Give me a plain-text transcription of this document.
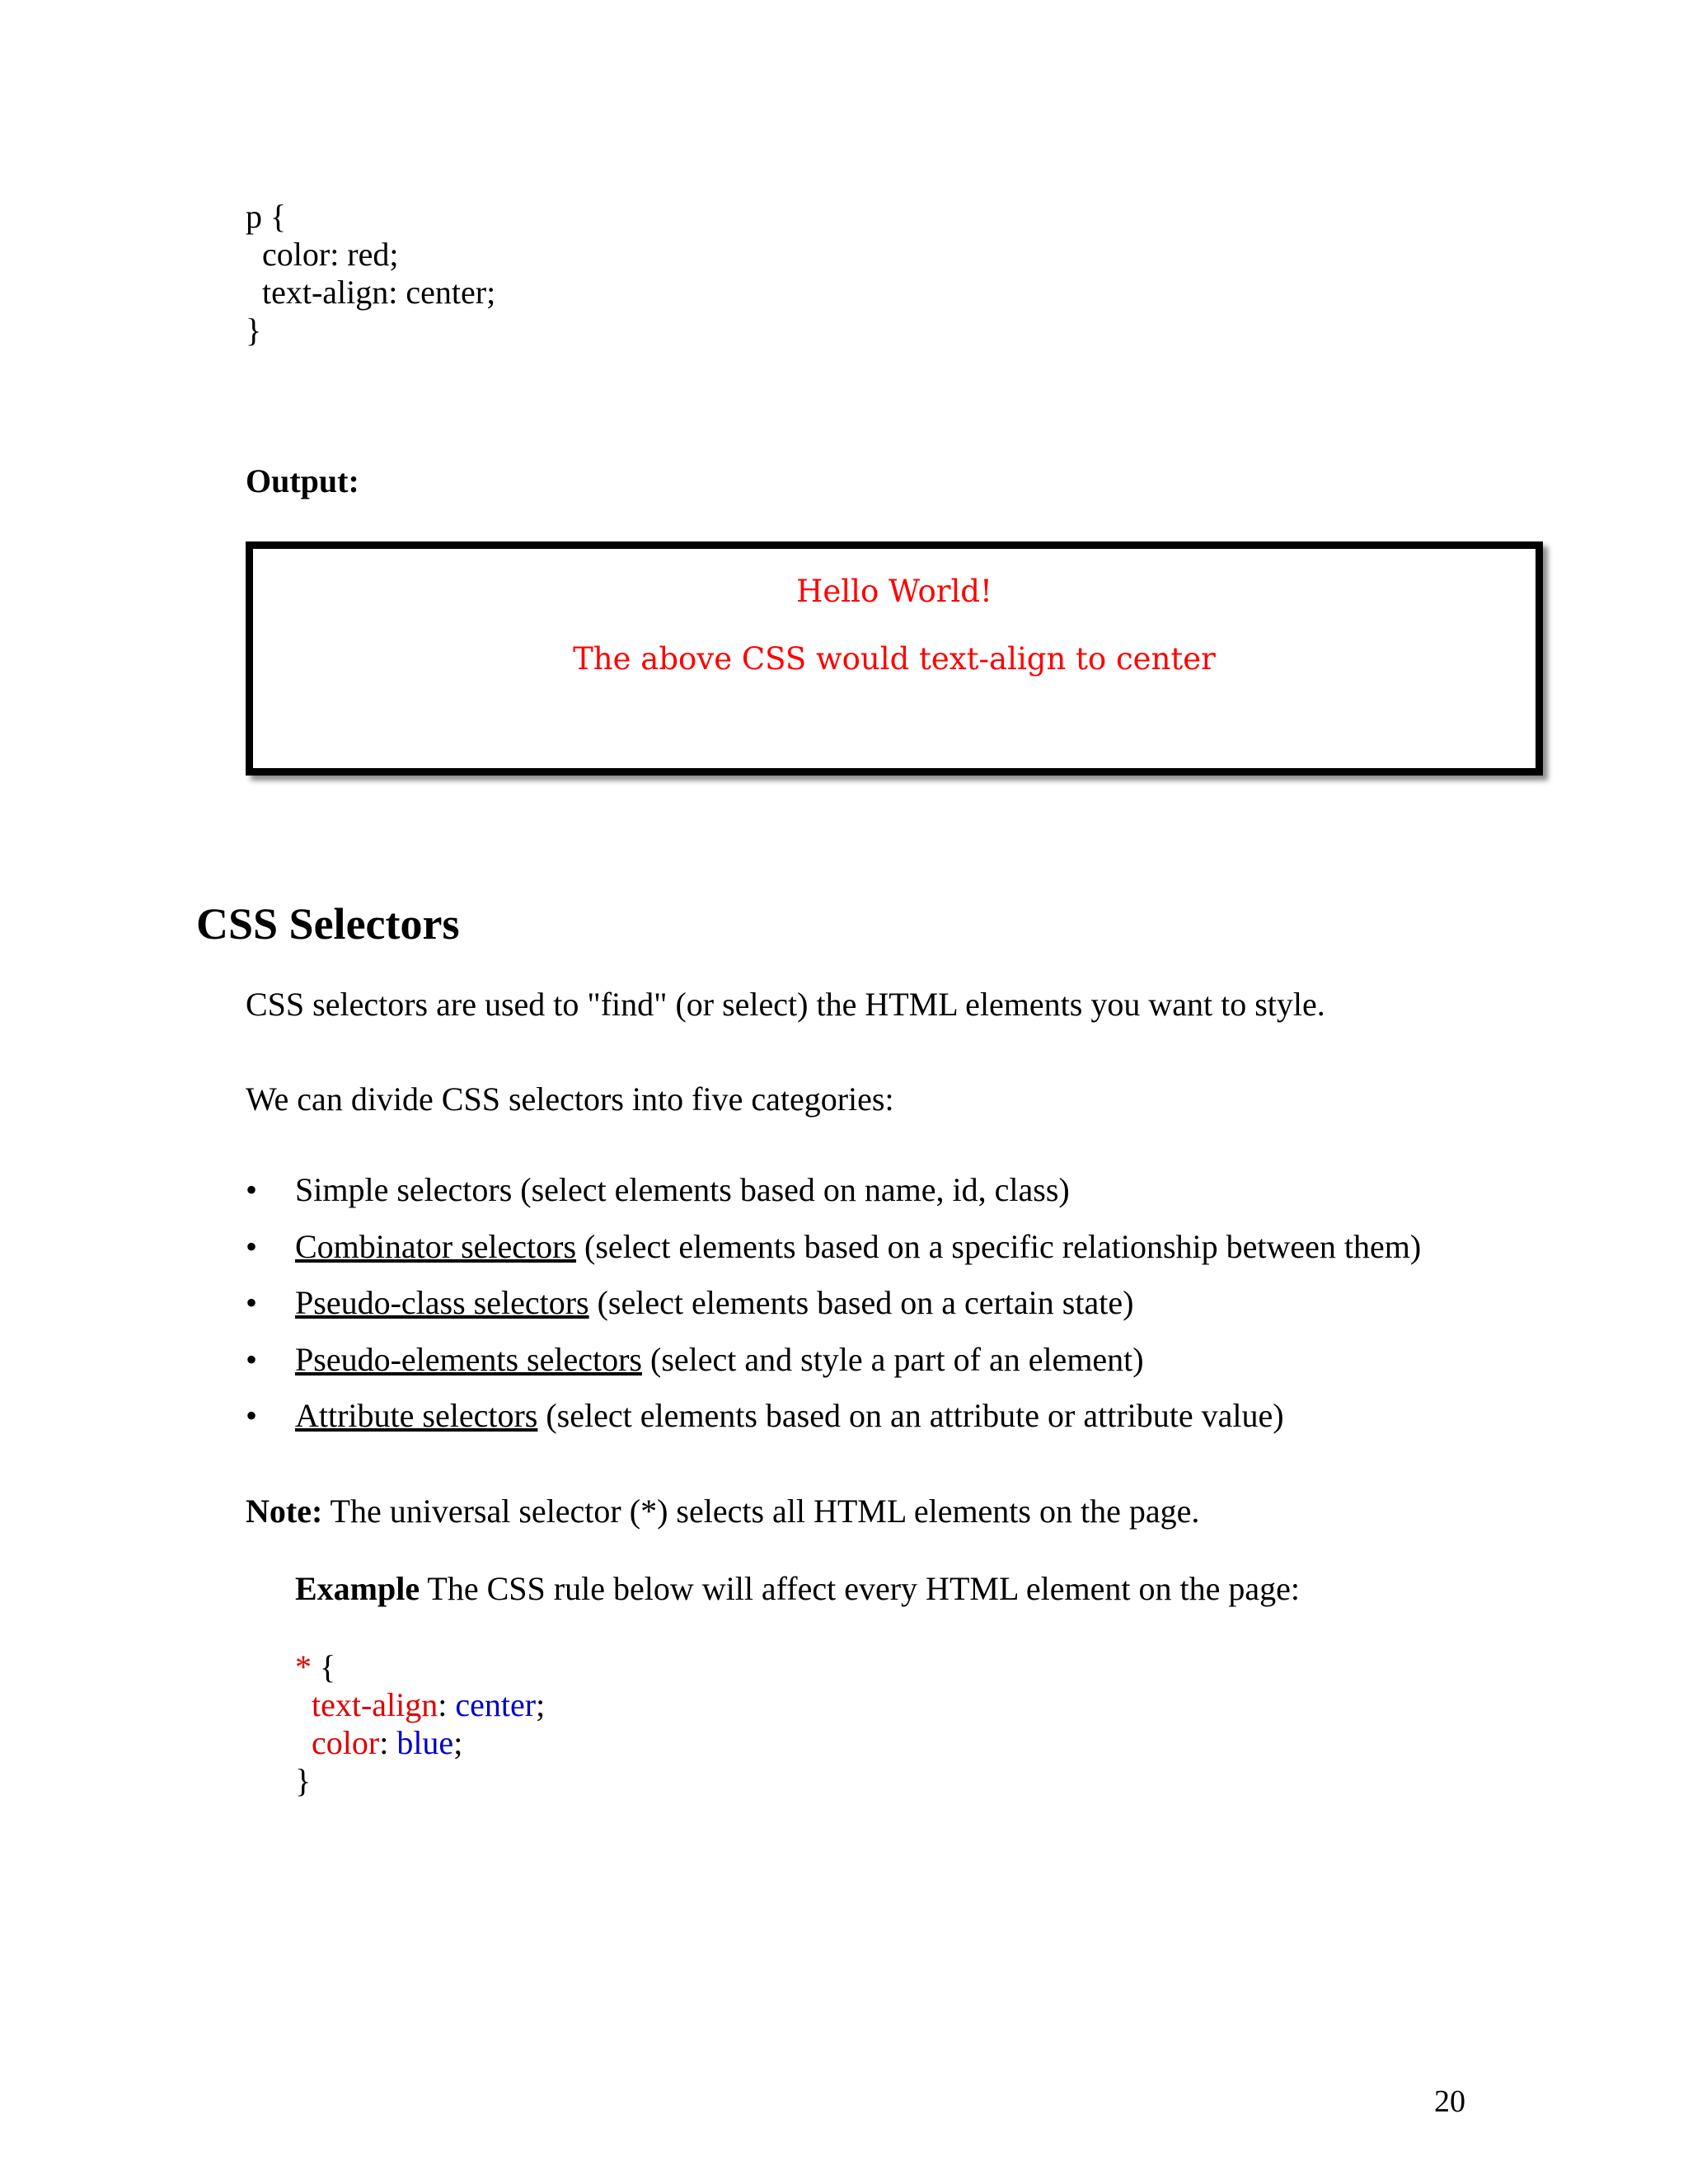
p {
color: red;
text-align: center;
}
Output:
Hello World!
The above CSS would text-align to center
CSS Selectors
CSS selectors are used to "find" (or select) the HTML elements you want to style.
We can divide CSS selectors into five categories:
•	Simple selectors (select elements based on name, id, class)
•	Combinator selectors (select elements based on a specific relationship between them)
•	Pseudo-class selectors (select elements based on a certain state)
•	Pseudo-elements selectors (select and style a part of an element)
•	Attribute selectors (select elements based on an attribute or attribute value)
Note: The universal selector (*) selects all HTML elements on the page.
Example The CSS rule below will affect every HTML element on the page:
* {
text-align: center;
color: blue;
}
20
